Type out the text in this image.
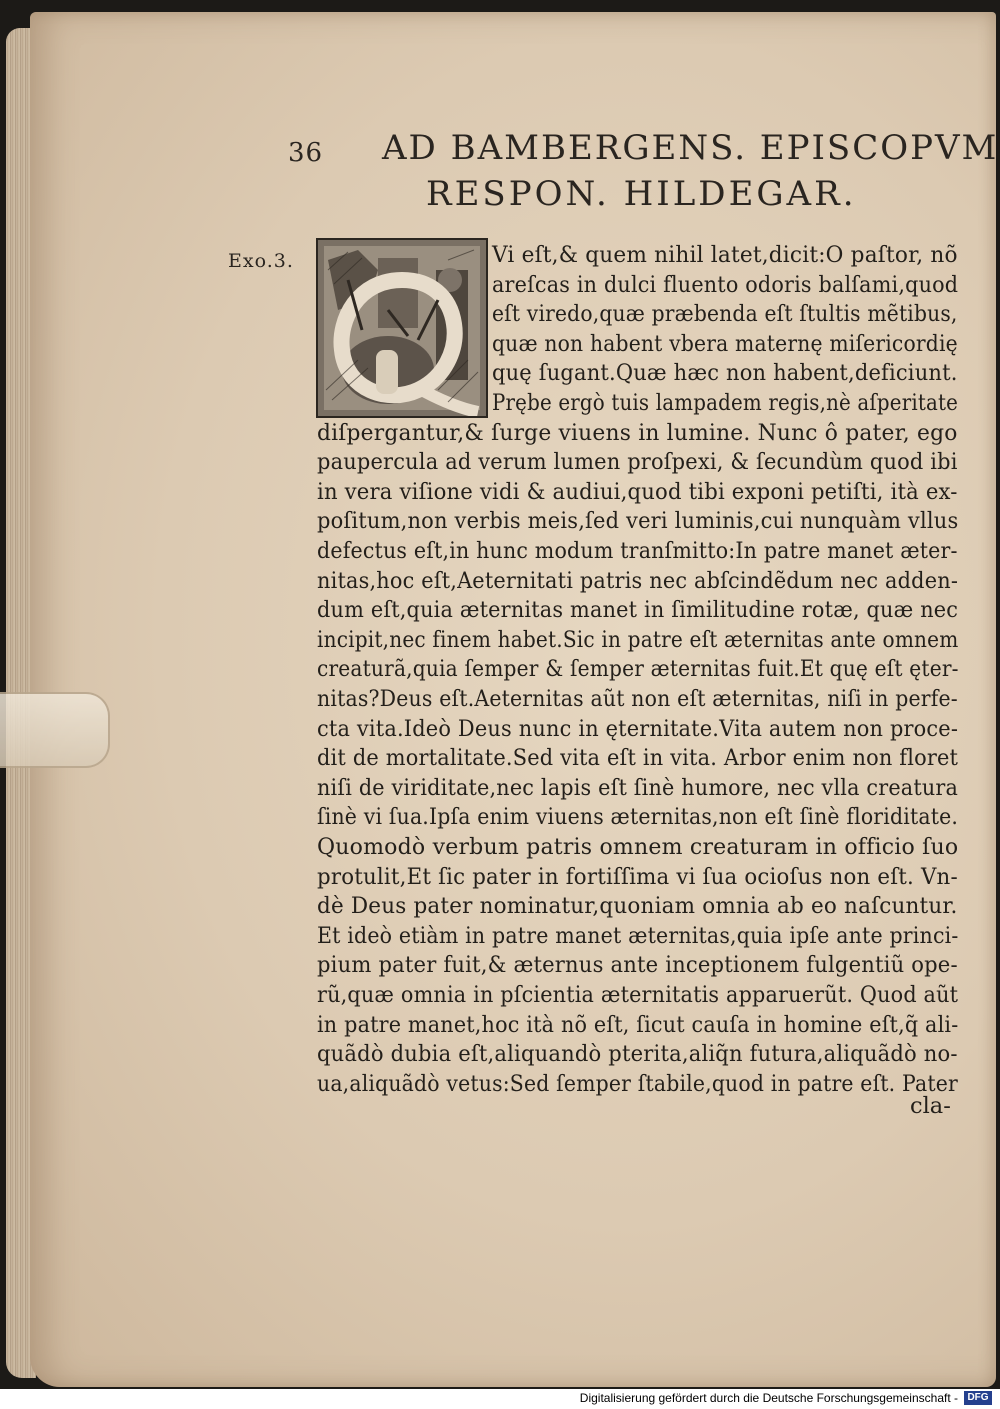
36 AD BAMBERGENS. EPISCOPVM
RESPON. HILDEGAR.
Exo.3.	Vi eſt,& quem nihil latet,dicit:O paſtor, nõ
areſcas in dulci fluento odoris balſami,quod
eſt viredo,quæ præbenda eſt ſtultis mẽtibus,
quæ non habent vbera maternę miſericordię
quę ſugant.Quæ hæc non habent,deficiunt.
Prębe ergò tuis lampadem regis,nè aſperitate
diſpergantur,& ſurge viuens in lumine. Nunc ô pater, ego
paupercula ad verum lumen proſpexi, & ſecundùm quod ibi
in vera viſione vidi & audiui,quod tibi exponi petiſti, ità ex-
poſitum,non verbis meis,ſed veri luminis,cui nunquàm vllus
defectus eſt,in hunc modum tranſmitto:In patre manet æter-
nitas,hoc eſt,Aeternitati patris nec abſcindẽdum nec adden-
dum eſt,quia æternitas manet in ſimilitudine rotæ, quæ nec
incipit,nec finem habet.Sic in patre eſt æternitas ante omnem
creaturã,quia ſemper & ſemper æternitas fuit.Et quę eſt ęter-
nitas?Deus eſt.Aeternitas aũt non eſt æternitas, niſi in perfe-
cta vita.Ideò Deus nunc in ęternitate.Vita autem non proce-
dit de mortalitate.Sed vita eſt in vita. Arbor enim non floret
niſi de viriditate,nec lapis eſt ſinè humore, nec vlla creatura
ſinè vi ſua.Ipſa enim viuens æternitas,non eſt ſinè floriditate.
Quomodò verbum patris omnem creaturam in officio ſuo
protulit,Et ſic pater in fortiſſima vi ſua ocioſus non eſt. Vn-
dè Deus pater nominatur,quoniam omnia ab eo naſcuntur.
Et ideò etiàm in patre manet æternitas,quia ipſe ante princi-
pium pater fuit,& æternus ante inceptionem fulgentiũ ope-
rũ,quæ omnia in pſcientia æternitatis apparuerũt. Quod aũt
in patre manet,hoc ità nõ eſt, ſicut cauſa in homine eſt,q̃ ali-
quãdò dubia eſt,aliquandò pterita,aliq̃n futura,aliquãdò no-
ua,aliquãdò vetus:Sed ſemper ſtabile,quod in patre eſt. Pater
cla-
Digitalisierung gefördert durch die Deutsche Forschungsgemeinschaft - DFG
